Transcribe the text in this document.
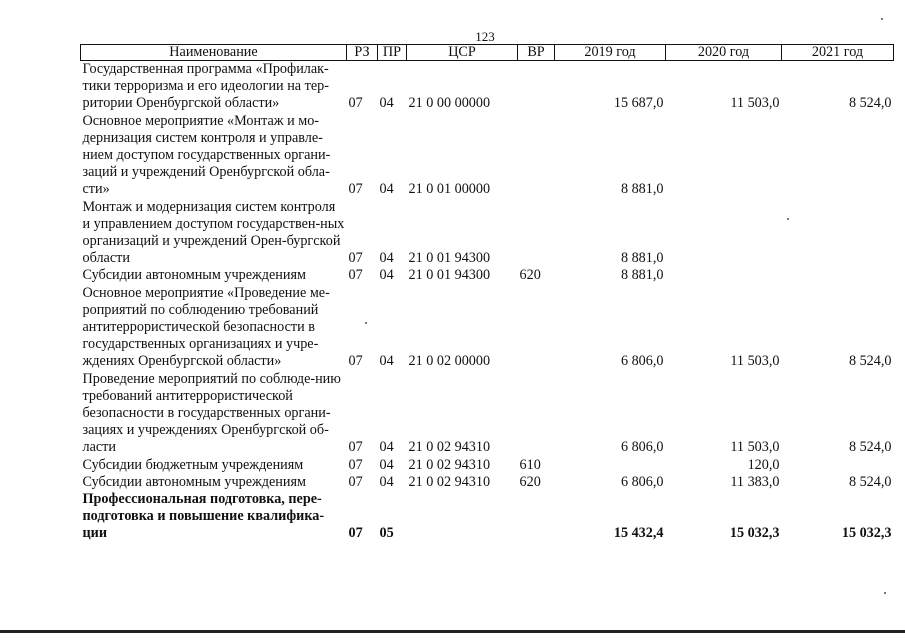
123
Наименование	РЗ	ПР	ЦСР	ВР	2019 год	2020 год	2021 год
Государственная программа «Профилак-тики терроризма и его идеологии на тер-ритории Оренбургской области»	07	04	21 0 00 00000		15 687,0	11 503,0	8 524,0
Основное мероприятие «Монтаж и мо-дернизация систем контроля и управле-нием доступом государственных органи-заций и учреждений Оренбургской обла-сти»	07	04	21 0 01 00000		8 881,0		
Монтаж и модернизация систем контроля и управлением доступом государствен-ных организаций и учреждений Орен-бургской области	07	04	21 0 01 94300		8 881,0		
Субсидии автономным учреждениям	07	04	21 0 01 94300	620	8 881,0		
Основное мероприятие «Проведение ме-роприятий по соблюдению требований антитеррористической безопасности в государственных организациях и учре-ждениях Оренбургской области»	07	04	21 0 02 00000		6 806,0	11 503,0	8 524,0
Проведение мероприятий по соблюде-нию требований антитеррористической безопасности в государственных органи-зациях и учреждениях Оренбургской об-ласти	07	04	21 0 02 94310		6 806,0	11 503,0	8 524,0
Субсидии бюджетным учреждениям	07	04	21 0 02 94310	610		120,0	
Субсидии автономным учреждениям	07	04	21 0 02 94310	620	6 806,0	11 383,0	8 524,0
Профессиональная подготовка, пере-подготовка и повышение квалифика-ции	07	05			15 432,4	15 032,3	15 032,3
